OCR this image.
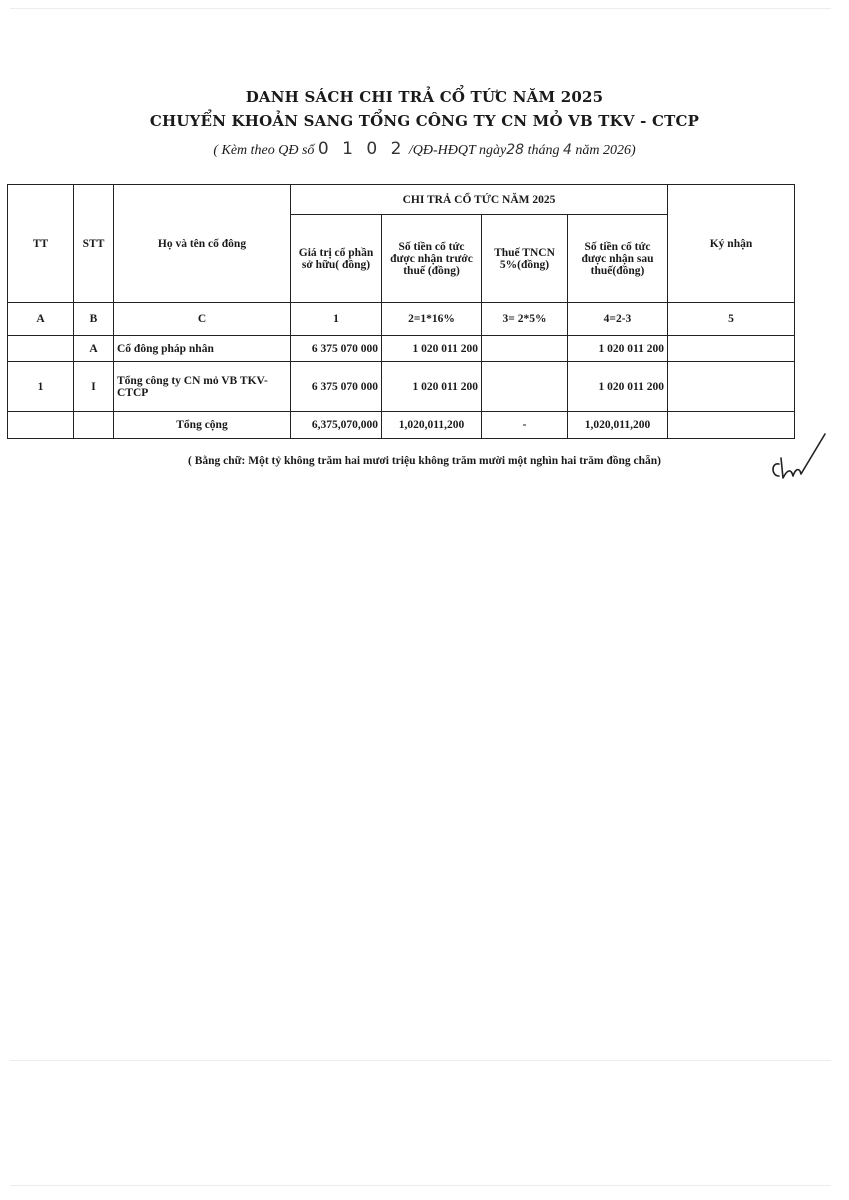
DANH SÁCH CHI TRẢ CỔ TỨC NĂM 2025
CHUYỂN KHOẢN SANG TỔNG CÔNG TY CN MỎ VB TKV - CTCP
( Kèm theo QĐ số 0 1 0 2 /QĐ-HĐQT ngày28 tháng 4 năm 2026)
TT	STT	Họ và tên cổ đông	CHI TRẢ CỔ TỨC NĂM 2025				Ký nhận
			Giá trị cổ phần sở hữu( đồng)	Số tiền cổ tức được nhận trước thuế (đồng)	Thuế TNCN 5%(đồng)	Số tiền cổ tức được nhận sau thuế(đồng)	
A	B	C	1	2=1*16%	3= 2*5%	4=2-3	5
	A	Cổ đông pháp nhân	6 375 070 000	1 020 011 200		1 020 011 200	
1	I	Tổng công ty CN mỏ VB TKV-CTCP	6 375 070 000	1 020 011 200		1 020 011 200	
		Tổng cộng	6,375,070,000	1,020,011,200	-	1,020,011,200	
( Bằng chữ: Một tỷ không trăm hai mươi triệu không trăm mười một nghìn hai trăm đồng chẵn)
